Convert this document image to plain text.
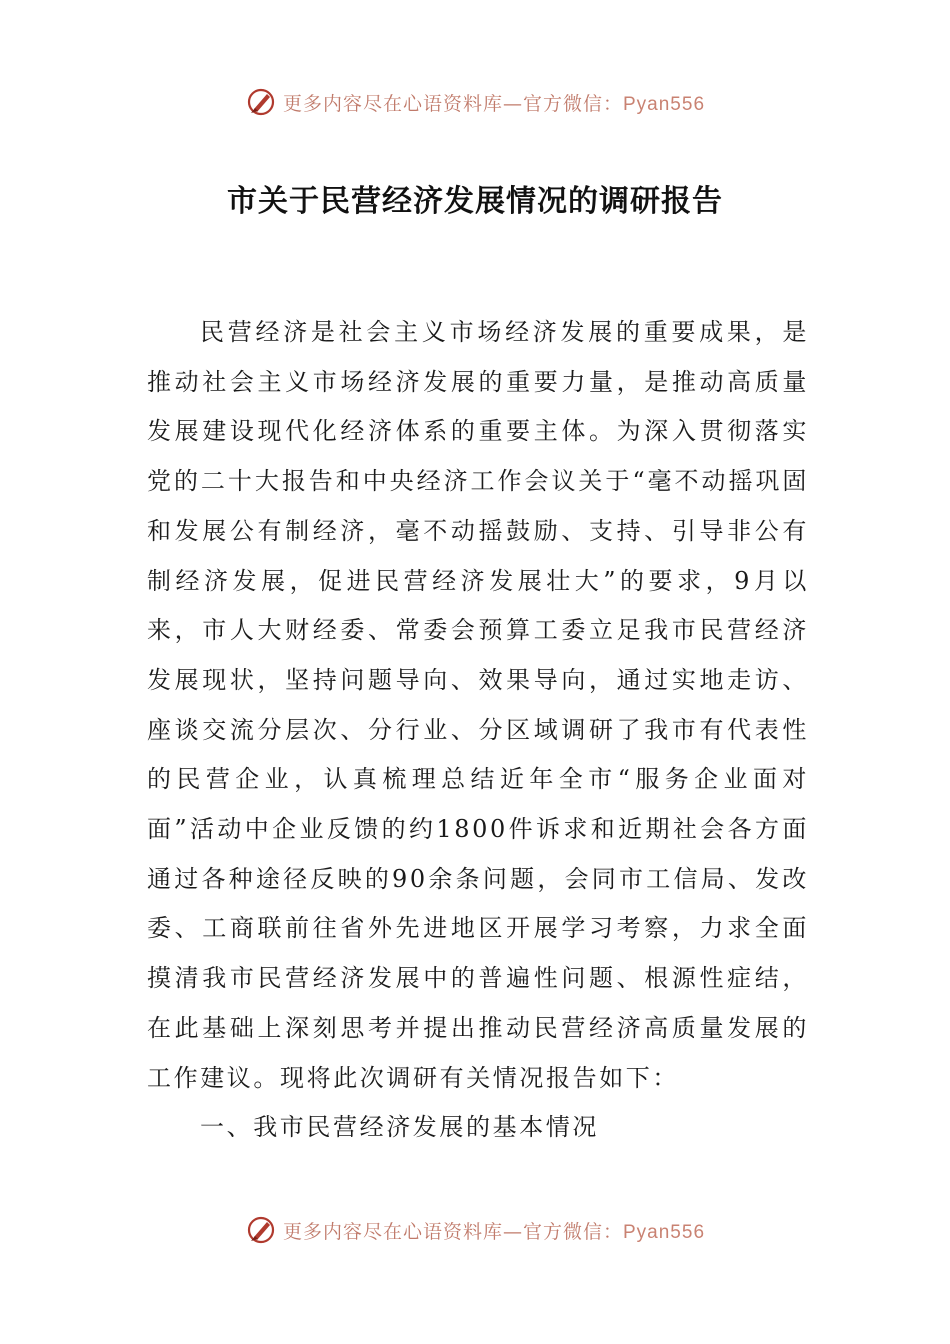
更多内容尽在心语资料库—官方微信：Pyan556
市关于民营经济发展情况的调研报告

民营经济是社会主义市场经济发展的重要成果，是推动社会主义市场经济发展的重要力量，是推动高质量发展建设现代化经济体系的重要主体。为深入贯彻落实党的二十大报告和中央经济工作会议关于“毫不动摇巩固和发展公有制经济，毫不动摇鼓励、支持、引导非公有制经济发展，促进民营经济发展壮大”的要求，9月以来，市人大财经委、常委会预算工委立足我市民营经济发展现状，坚持问题导向、效果导向，通过实地走访、座谈交流分层次、分行业、分区域调研了我市有代表性的民营企业，认真梳理总结近年全市“服务企业面对面”活动中企业反馈的约1800件诉求和近期社会各方面通过各种途径反映的90余条问题，会同市工信局、发改委、工商联前往省外先进地区开展学习考察，力求全面摸清我市民营经济发展中的普遍性问题、根源性症结，在此基础上深刻思考并提出推动民营经济高质量发展的工作建议。现将此次调研有关情况报告如下：

一、我市民营经济发展的基本情况

更多内容尽在心语资料库—官方微信：Pyan556
